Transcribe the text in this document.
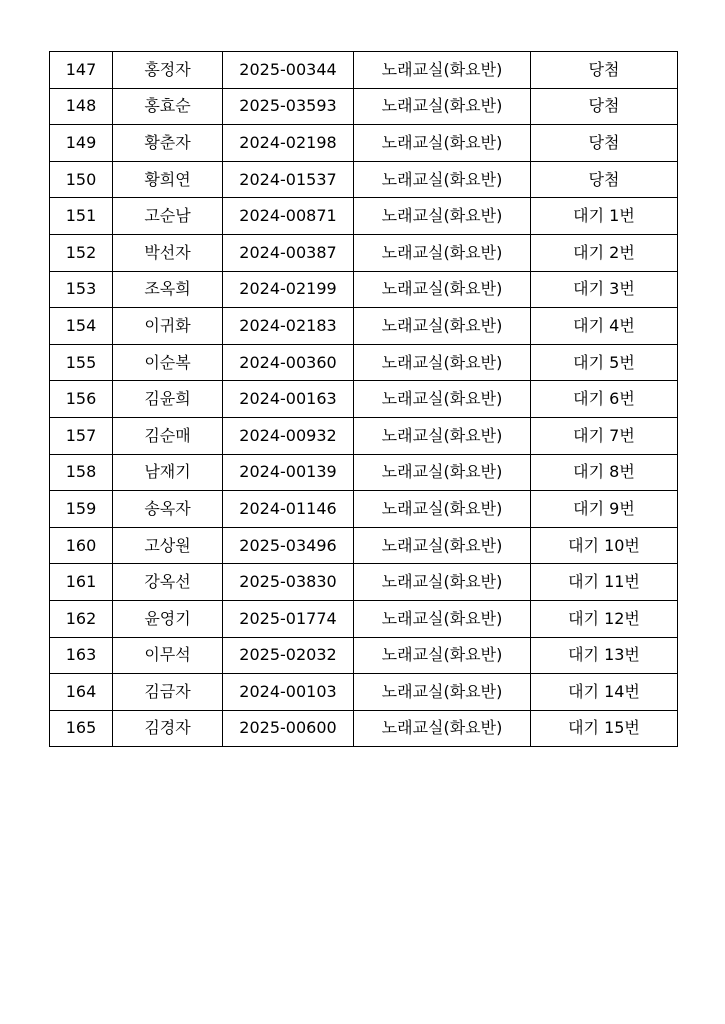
147	홍정자	2025-00344	노래교실(화요반)	당첨
148	홍효순	2025-03593	노래교실(화요반)	당첨
149	황춘자	2024-02198	노래교실(화요반)	당첨
150	황희연	2024-01537	노래교실(화요반)	당첨
151	고순남	2024-00871	노래교실(화요반)	대기 1번
152	박선자	2024-00387	노래교실(화요반)	대기 2번
153	조옥희	2024-02199	노래교실(화요반)	대기 3번
154	이귀화	2024-02183	노래교실(화요반)	대기 4번
155	이순복	2024-00360	노래교실(화요반)	대기 5번
156	김윤희	2024-00163	노래교실(화요반)	대기 6번
157	김순매	2024-00932	노래교실(화요반)	대기 7번
158	남재기	2024-00139	노래교실(화요반)	대기 8번
159	송옥자	2024-01146	노래교실(화요반)	대기 9번
160	고상원	2025-03496	노래교실(화요반)	대기 10번
161	강옥선	2025-03830	노래교실(화요반)	대기 11번
162	윤영기	2025-01774	노래교실(화요반)	대기 12번
163	이무석	2025-02032	노래교실(화요반)	대기 13번
164	김금자	2024-00103	노래교실(화요반)	대기 14번
165	김경자	2025-00600	노래교실(화요반)	대기 15번
